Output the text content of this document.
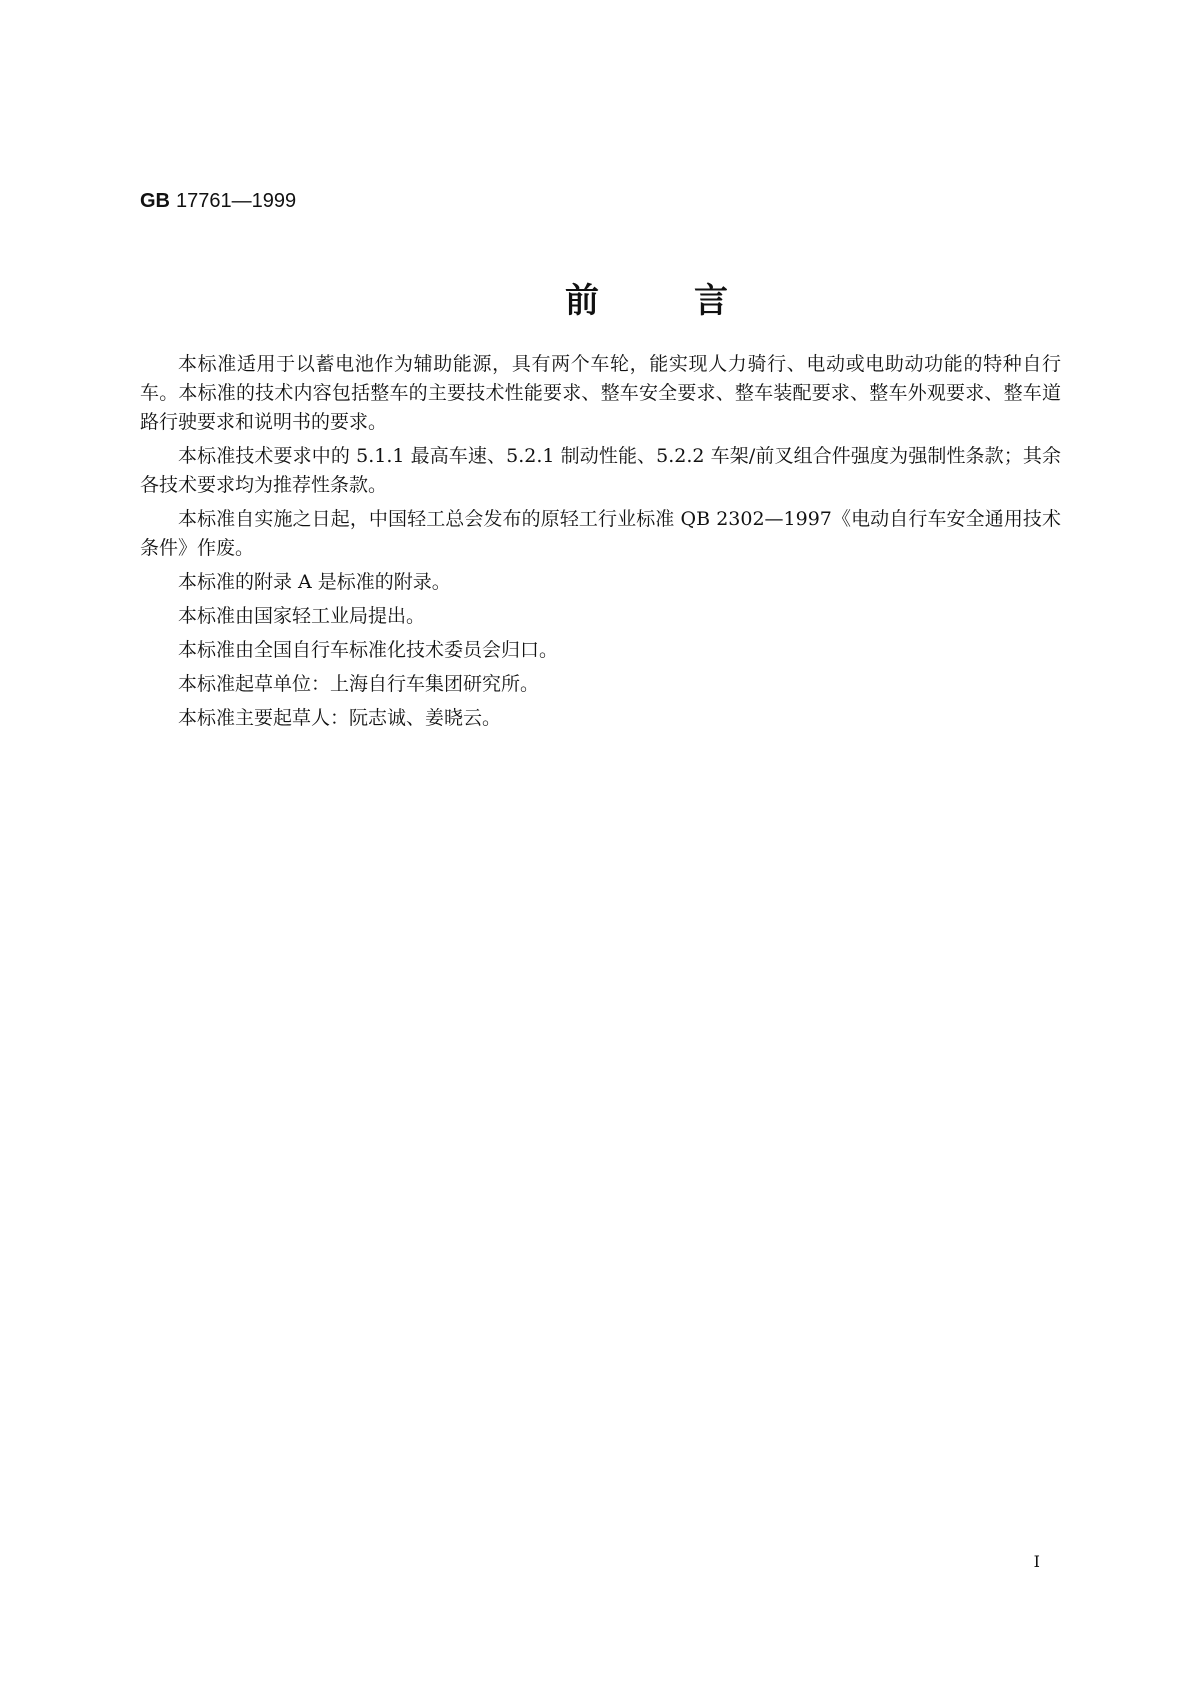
GB 17761—1999
前言

本标准适用于以蓄电池作为辅助能源，具有两个车轮，能实现人力骑行、电动或电助动功能的特种自行车。本标准的技术内容包括整车的主要技术性能要求、整车安全要求、整车装配要求、整车外观要求、整车道路行驶要求和说明书的要求。

本标准技术要求中的 5.1.1 最高车速、5.2.1 制动性能、5.2.2 车架/前叉组合件强度为强制性条款；其余各技术要求均为推荐性条款。

本标准自实施之日起，中国轻工总会发布的原轻工行业标准 QB 2302—1997《电动自行车安全通用技术条件》作废。

本标准的附录 A 是标准的附录。

本标准由国家轻工业局提出。

本标准由全国自行车标准化技术委员会归口。

本标准起草单位：上海自行车集团研究所。

本标准主要起草人：阮志诚、姜晓云。

I
